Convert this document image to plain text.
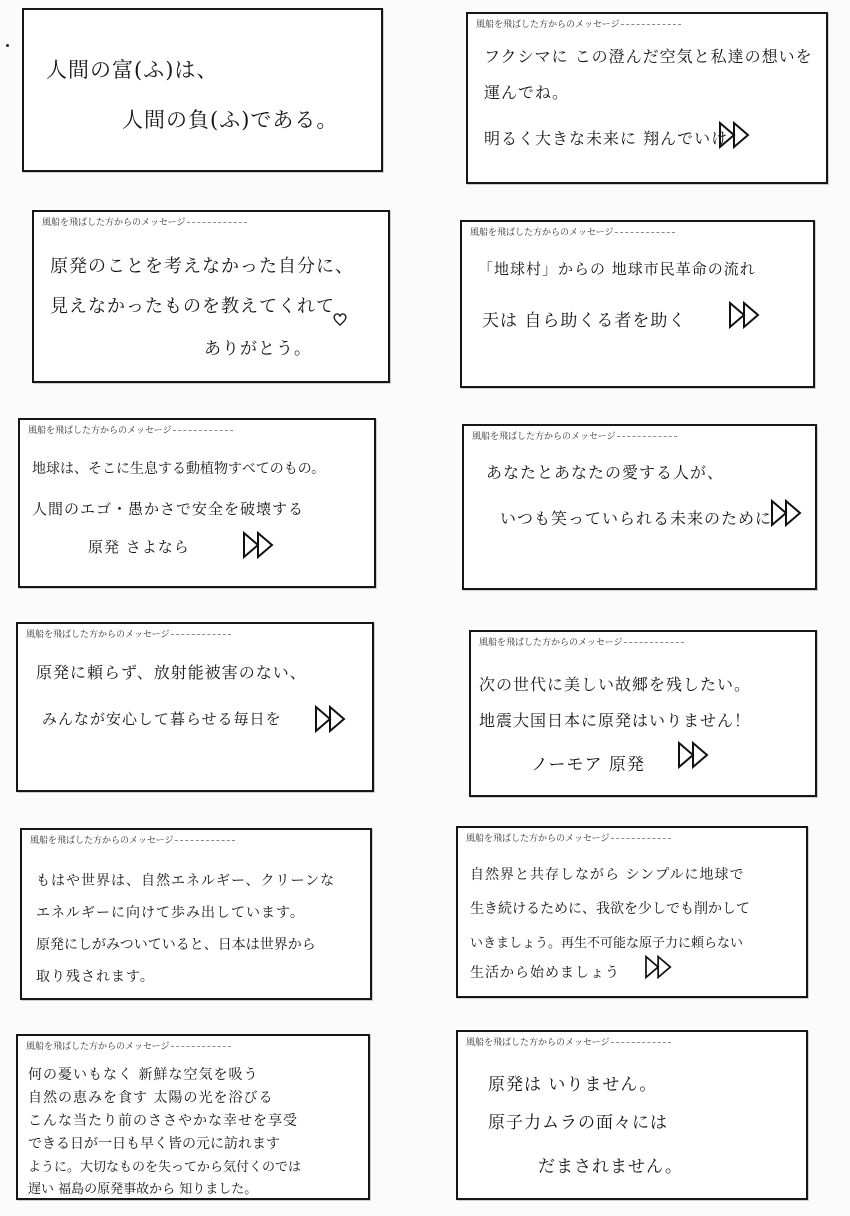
人間の富(ふ)は、
人間の負(ふ)である。
風船を飛ばした方からのメッセージ
フクシマに この澄んだ空気と私達の想いを
運んでね。
明るく大きな未来に 翔んでいけ
風船を飛ばした方からのメッセージ
原発のことを考えなかった自分に、
見えなかったものを教えてくれて
ありがとう。
風船を飛ばした方からのメッセージ
「地球村」からの 地球市民革命の流れ
天は 自ら助くる者を助く
風船を飛ばした方からのメッセージ
地球は、そこに生息する動植物すべてのもの。
人間のエゴ・愚かさで安全を破壊する
原発 さよなら
風船を飛ばした方からのメッセージ
あなたとあなたの愛する人が、
いつも笑っていられる未来のために
風船を飛ばした方からのメッセージ
原発に頼らず、放射能被害のない、
みんなが安心して暮らせる毎日を
風船を飛ばした方からのメッセージ
次の世代に美しい故郷を残したい。
地震大国日本に原発はいりません！
ノーモア 原発
風船を飛ばした方からのメッセージ
もはや世界は、自然エネルギー、クリーンな
エネルギーに向けて歩み出しています。
原発にしがみついていると、日本は世界から
取り残されます。
風船を飛ばした方からのメッセージ
自然界と共存しながら シンプルに地球で
生き続けるために、我欲を少しでも削かして
いきましょう。再生不可能な原子力に頼らない
生活から始めましょう
風船を飛ばした方からのメッセージ
何の憂いもなく 新鮮な空気を吸う
自然の恵みを食す 太陽の光を浴びる
こんな当たり前のささやかな幸せを享受
できる日が一日も早く皆の元に訪れます
ように。大切なものを失ってから気付くのでは
遅い 福島の原発事故から 知りました。
風船を飛ばした方からのメッセージ
原発は いりません。
原子力ムラの面々には
だまされません。
